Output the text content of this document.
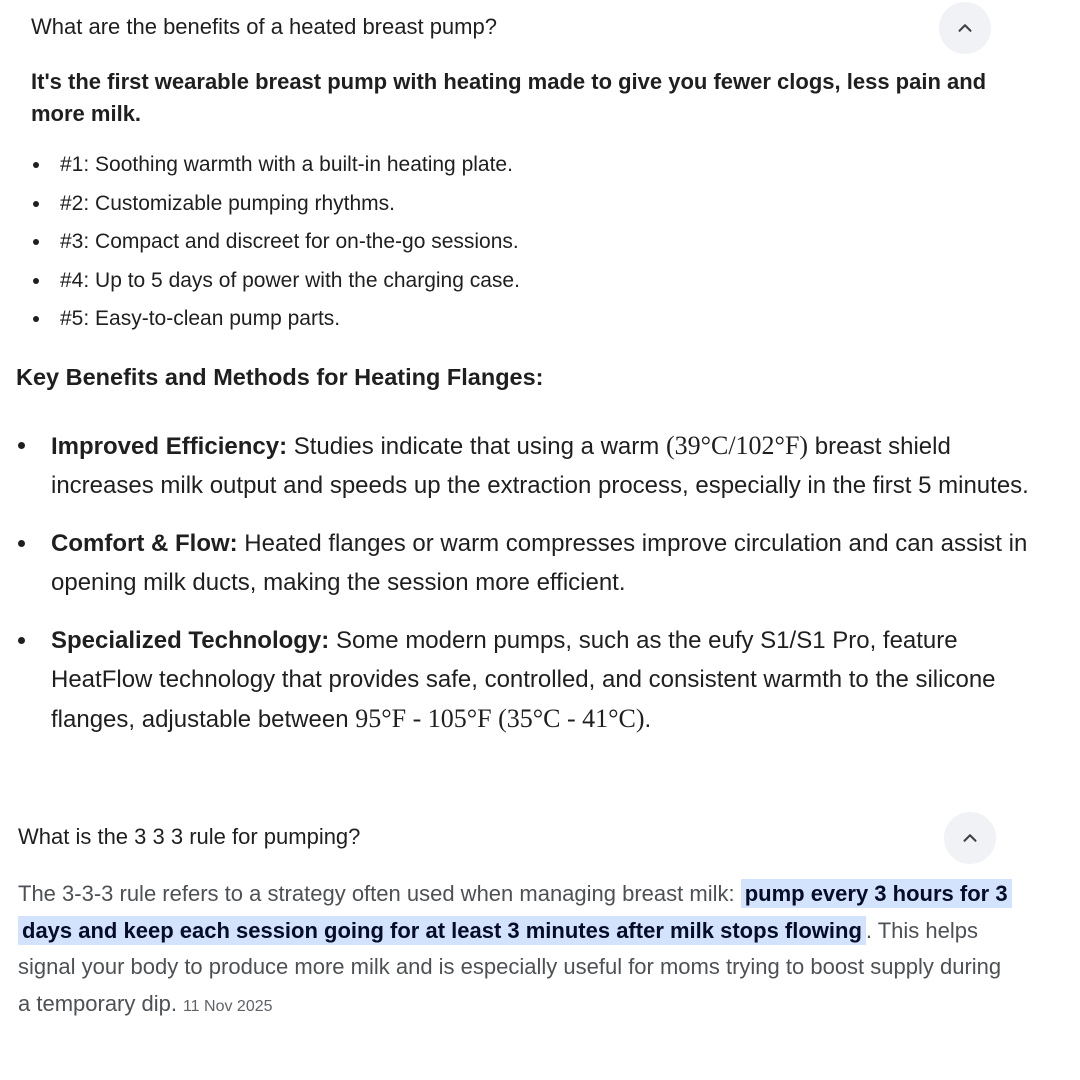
What are the benefits of a heated breast pump?
It's the first wearable breast pump with heating made to give you fewer clogs, less pain and more milk.
#1: Soothing warmth with a built-in heating plate.
#2: Customizable pumping rhythms.
#3: Compact and discreet for on-the-go sessions.
#4: Up to 5 days of power with the charging case.
#5: Easy-to-clean pump parts.
Key Benefits and Methods for Heating Flanges:
Improved Efficiency: Studies indicate that using a warm (39°C/102°F) breast shield increases milk output and speeds up the extraction process, especially in the first 5 minutes.
Comfort & Flow: Heated flanges or warm compresses improve circulation and can assist in opening milk ducts, making the session more efficient.
Specialized Technology: Some modern pumps, such as the eufy S1/S1 Pro, feature HeatFlow technology that provides safe, controlled, and consistent warmth to the silicone flanges, adjustable between 95°F - 105°F (35°C - 41°C).
What is the 3 3 3 rule for pumping?
The 3-3-3 rule refers to a strategy often used when managing breast milk: pump every 3 hours for 3 days and keep each session going for at least 3 minutes after milk stops flowing . This helps signal your body to produce more milk and is especially useful for moms trying to boost supply during a temporary dip. 11 Nov 2025
